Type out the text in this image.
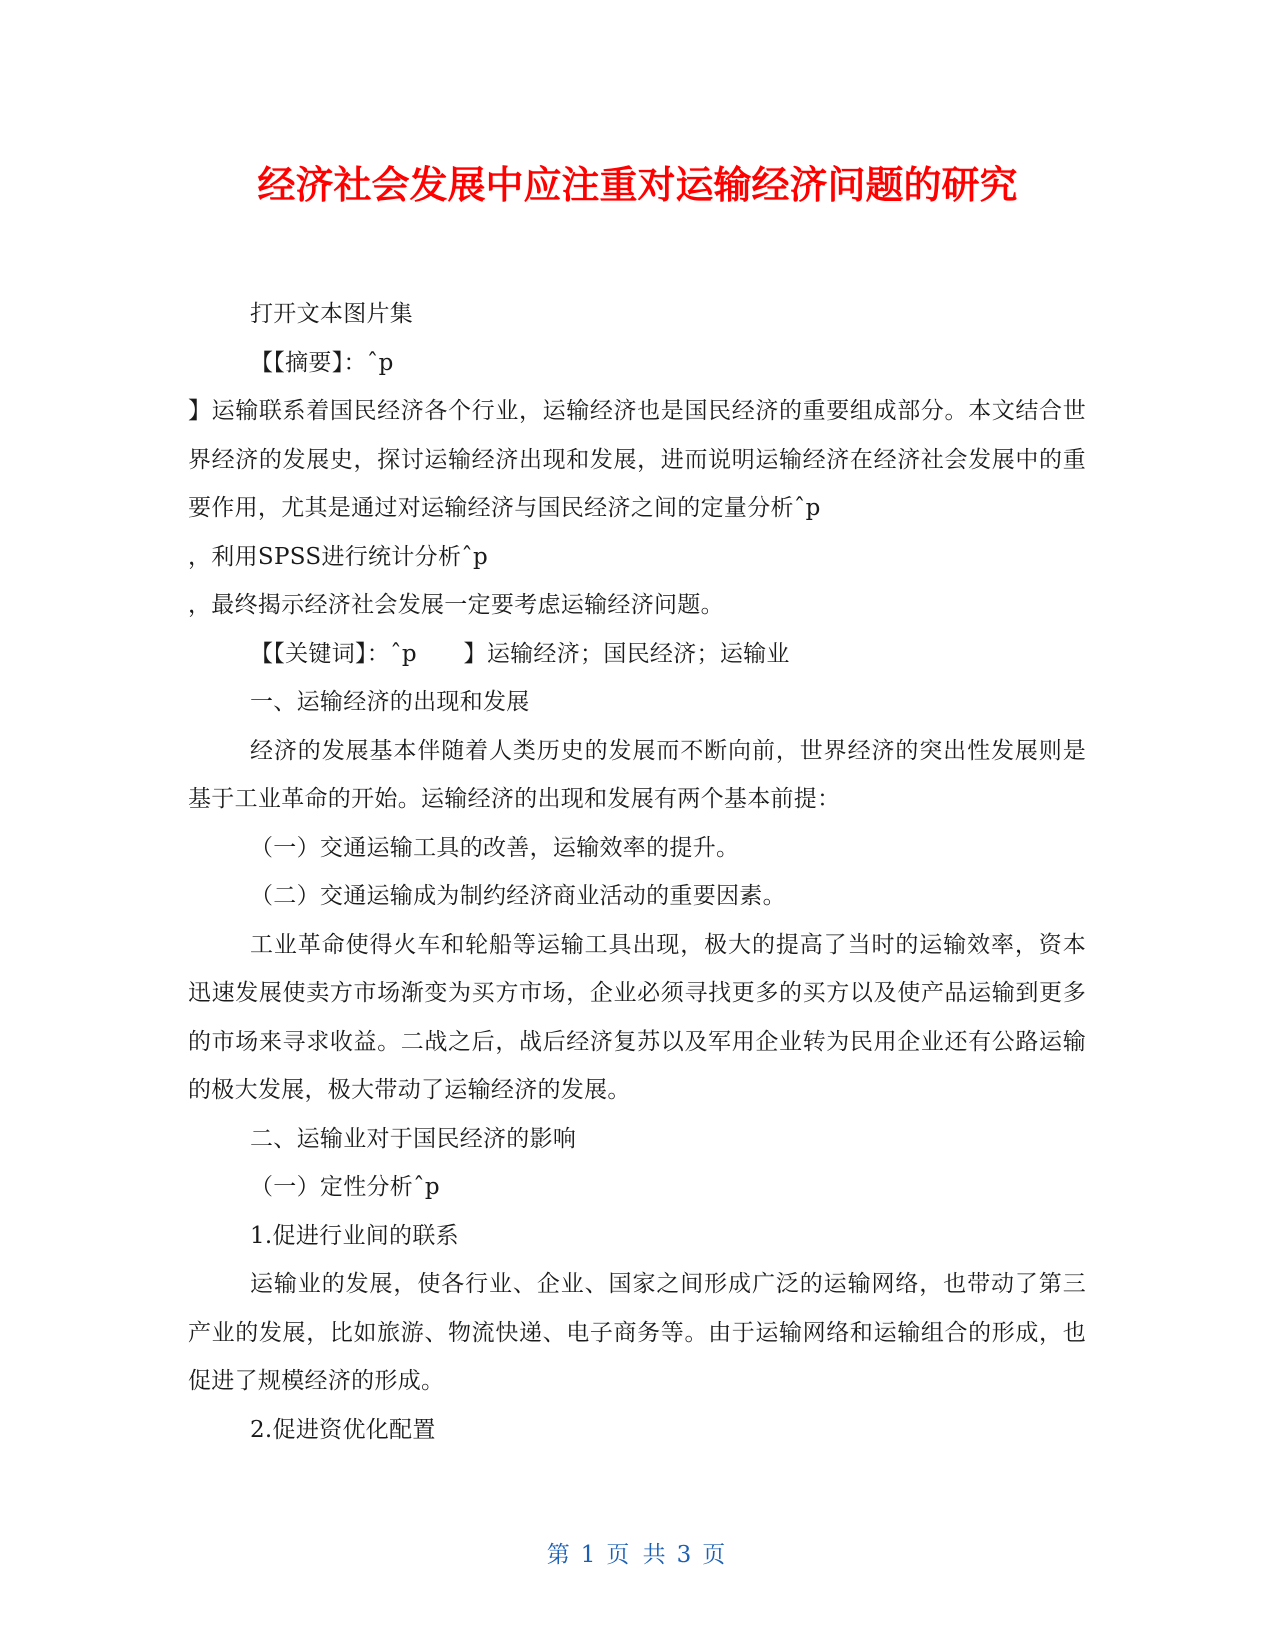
经济社会发展中应注重对运输经济问题的研究

打开文本图片集

【【摘要】：ˆp

】运输联系着国民经济各个行业，运输经济也是国民经济的重要组成部分。本文结合世界经济的发展史，探讨运输经济出现和发展，进而说明运输经济在经济社会发展中的重要作用，尤其是通过对运输经济与国民经济之间的定量分析ˆp

，利用SPSS进行统计分析ˆp

，最终揭示经济社会发展一定要考虑运输经济问题。

【【关键词】：ˆp　　】运输经济；国民经济；运输业

一、运输经济的出现和发展

经济的发展基本伴随着人类历史的发展而不断向前，世界经济的突出性发展则是基于工业革命的开始。运输经济的出现和发展有两个基本前提：

（一）交通运输工具的改善，运输效率的提升。

（二）交通运输成为制约经济商业活动的重要因素。

工业革命使得火车和轮船等运输工具出现，极大的提高了当时的运输效率，资本迅速发展使卖方市场渐变为买方市场，企业必须寻找更多的买方以及使产品运输到更多的市场来寻求收益。二战之后，战后经济复苏以及军用企业转为民用企业还有公路运输的极大发展，极大带动了运输经济的发展。

二、运输业对于国民经济的影响

（一）定性分析ˆp

1.促进行业间的联系

运输业的发展，使各行业、企业、国家之间形成广泛的运输网络，也带动了第三产业的发展，比如旅游、物流快递、电子商务等。由于运输网络和运输组合的形成，也促进了规模经济的形成。

2.促进资优化配置

第 1 页 共 3 页
